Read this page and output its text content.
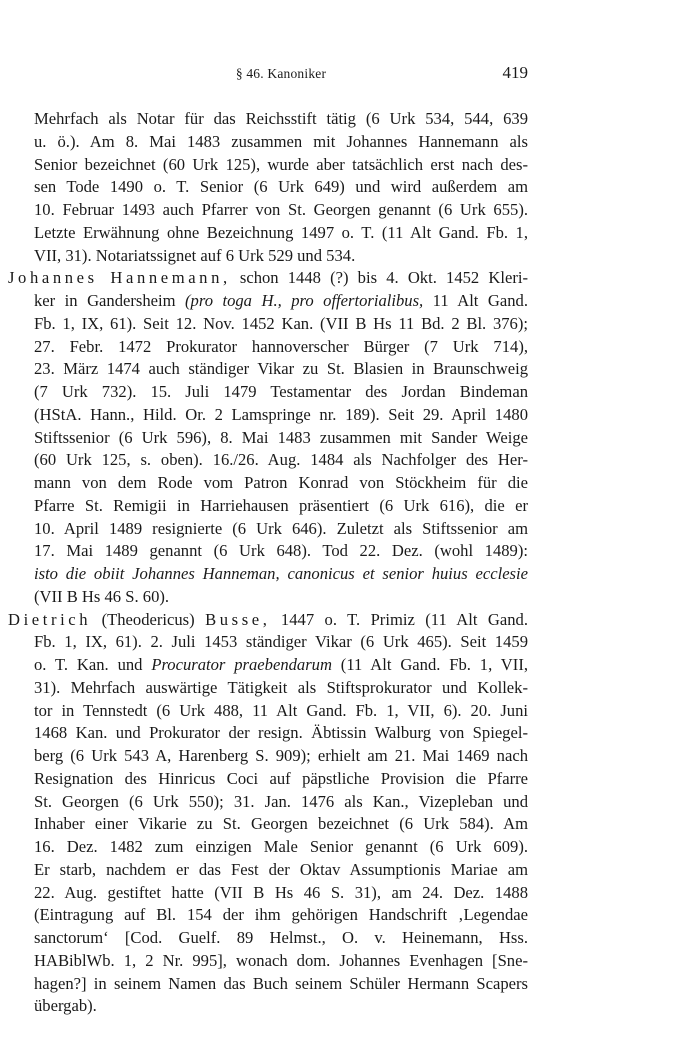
§ 46. Kanoniker	419
Mehrfach als Notar für das Reichsstift tätig (6 Urk 534, 544, 639
u. ö.). Am 8. Mai 1483 zusammen mit Johannes Hannemann als
Senior bezeichnet (60 Urk 125), wurde aber tatsächlich erst nach des-
sen Tode 1490 o. T. Senior (6 Urk 649) und wird außerdem am
10. Februar 1493 auch Pfarrer von St. Georgen genannt (6 Urk 655).
Letzte Erwähnung ohne Bezeichnung 1497 o. T. (11 Alt Gand. Fb. 1,
VII, 31). Notariatssignet auf 6 Urk 529 und 534.
Johannes Hannemann, schon 1448 (?) bis 4. Okt. 1452 Kleri-
ker in Gandersheim (pro toga H., pro offertorialibus, 11 Alt Gand.
Fb. 1, IX, 61). Seit 12. Nov. 1452 Kan. (VII B Hs 11 Bd. 2 Bl. 376);
27. Febr. 1472 Prokurator hannoverscher Bürger (7 Urk 714),
23. März 1474 auch ständiger Vikar zu St. Blasien in Braunschweig
(7 Urk 732). 15. Juli 1479 Testamentar des Jordan Bindeman
(HStA. Hann., Hild. Or. 2 Lamspringe nr. 189). Seit 29. April 1480
Stiftssenior (6 Urk 596), 8. Mai 1483 zusammen mit Sander Weige
(60 Urk 125, s. oben). 16./26. Aug. 1484 als Nachfolger des Her-
mann von dem Rode vom Patron Konrad von Stöckheim für die
Pfarre St. Remigii in Harriehausen präsentiert (6 Urk 616), die er
10. April 1489 resignierte (6 Urk 646). Zuletzt als Stiftssenior am
17. Mai 1489 genannt (6 Urk 648). Tod 22. Dez. (wohl 1489):
isto die obiit Johannes Hanneman, canonicus et senior huius ecclesie
(VII B Hs 46 S. 60).
Dietrich (Theodericus) Busse, 1447 o. T. Primiz (11 Alt Gand.
Fb. 1, IX, 61). 2. Juli 1453 ständiger Vikar (6 Urk 465). Seit 1459
o. T. Kan. und Procurator praebendarum (11 Alt Gand. Fb. 1, VII,
31). Mehrfach auswärtige Tätigkeit als Stiftsprokurator und Kollek-
tor in Tennstedt (6 Urk 488, 11 Alt Gand. Fb. 1, VII, 6). 20. Juni
1468 Kan. und Prokurator der resign. Äbtissin Walburg von Spiegel-
berg (6 Urk 543 A, Harenberg S. 909); erhielt am 21. Mai 1469 nach
Resignation des Hinricus Coci auf päpstliche Provision die Pfarre
St. Georgen (6 Urk 550); 31. Jan. 1476 als Kan., Vizepleban und
Inhaber einer Vikarie zu St. Georgen bezeichnet (6 Urk 584). Am
16. Dez. 1482 zum einzigen Male Senior genannt (6 Urk 609).
Er starb, nachdem er das Fest der Oktav Assumptionis Mariae am
22. Aug. gestiftet hatte (VII B Hs 46 S. 31), am 24. Dez. 1488
(Eintragung auf Bl. 154 der ihm gehörigen Handschrift ‚Legendae
sanctorum‘ [Cod. Guelf. 89 Helmst., O. v. Heinemann, Hss.
HABiblWb. 1, 2 Nr. 995], wonach dom. Johannes Evenhagen [Sne-
hagen?] in seinem Namen das Buch seinem Schüler Hermann Scapers
übergab).
